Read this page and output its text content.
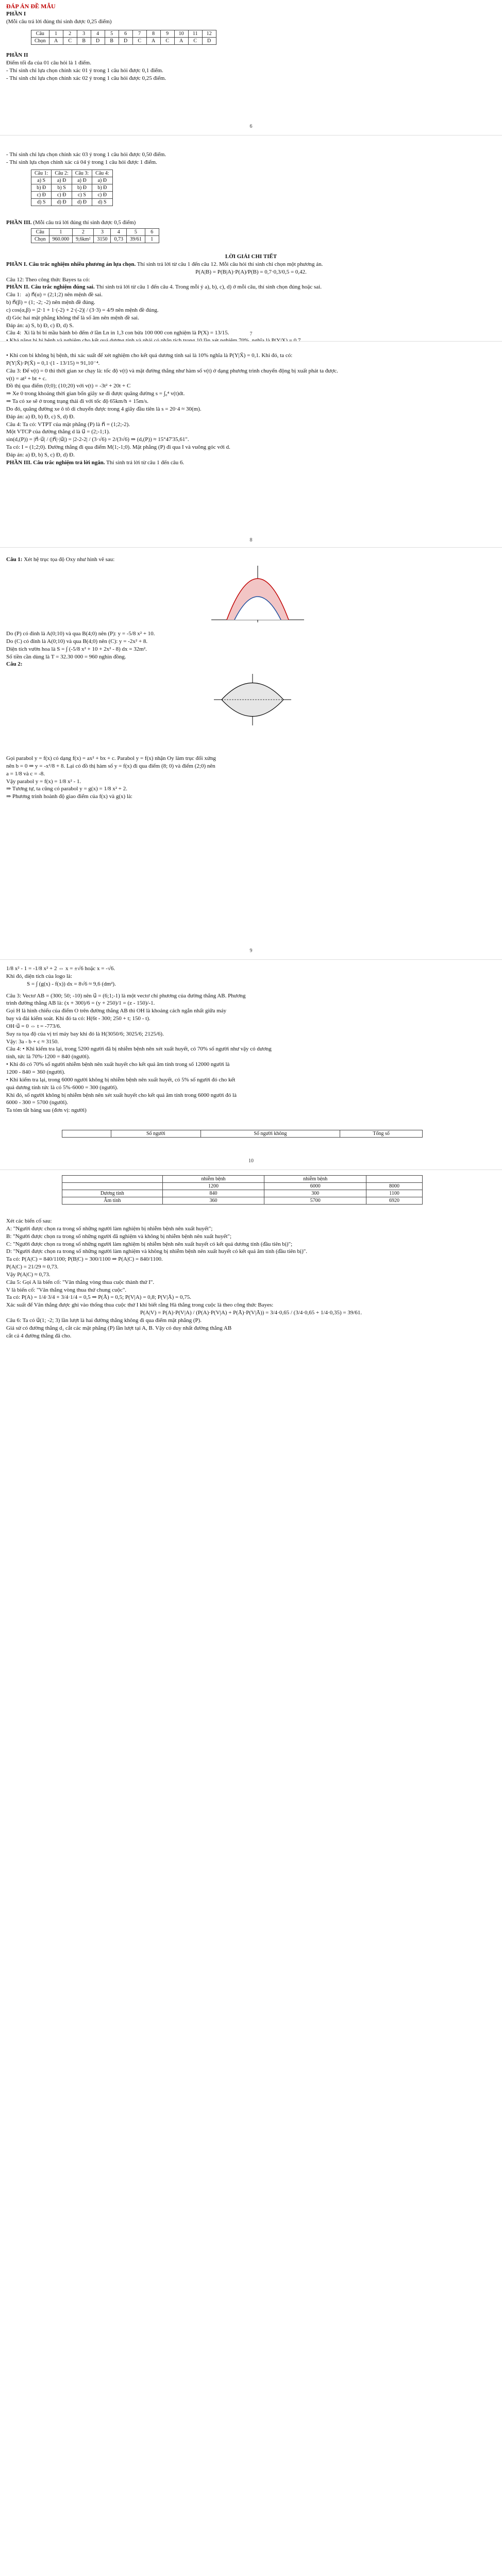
ĐÁP ÁN ĐỀ MẪU

PHẦN I

(Mỗi câu trả lời đúng thí sinh được 0,25 điểm)

Câu	1	2	3	4	5	6	7	8	9	10	11	12
Chọn	A	C	B	D	B	D	C	A	C	A	C	D

PHẦN II

Điểm tối đa của 01 câu hỏi là 1 điểm.

- Thí sinh chỉ lựa chọn chính xác 01 ý trong 1 câu hỏi được 0,1 điểm.

- Thí sinh chỉ lựa chọn chính xác 02 ý trong 1 câu hỏi được 0,25 điểm.

6

- Thí sinh chỉ lựa chọn chính xác 03 ý trong 1 câu hỏi được 0,50 điểm.

- Thí sinh lựa chọn chính xác cả 04 ý trong 1 câu hỏi được 1 điểm.

Câu 1:	Câu 2:	Câu 3:	Câu 4:
a) S	a) Đ	a) Đ	a) Đ
b) Đ	b) S	b) Đ	b) Đ
c) Đ	c) Đ	c) S	c) Đ
d) S	d) Đ	d) Đ	d) S

PHẦN III. (Mỗi câu trả lời đúng thí sinh được 0,5 điểm)

Câu	1	2	3	4	5	6
Chọn	960.000	9,6km²	3150	0,73	39/61	1

LỜI GIẢI CHI TIẾT

PHẦN I. Câu trắc nghiệm nhiều phương án lựa chọn. Thí sinh trả lời từ câu 1 đến câu 12. Mỗi câu hỏi thí sinh chỉ chọn một phương án.

P(A|B) = P(B|A)·P(A)/P(B) = 0,7·0,3/0,5 = 0,42.

Câu 12: Theo công thức Bayes ta có:

PHẦN II. Câu trắc nghiệm đúng sai. Thí sinh trả lời từ câu 1 đến câu 4. Trong mỗi ý a), b), c), d) ở mỗi câu, thí sinh chọn đúng hoặc sai.

Câu 1:   a) n⃗(α) = (2;1;2) nên mệnh đề sai.

b) n⃗(β) = (1; -2; -2) nên mệnh đề đúng.

c) cos(α,β) = |2·1 + 1·(-2) + 2·(-2)| / (3·3) = 4/9 nên mệnh đề đúng.

d) Góc hai mặt phẳng không thể là số âm nên mệnh đề sai.

Đáp án: a) S, b) Đ, c) Đ, d) S.

Câu 4:  Xi là bi bi mầu bánh bò đếm ở lần Ln in 1,3 con bửa 100 000 con nghiệm là P(X) = 13/15.	7

• Khi con bi không bị bệnh, thì xác suất để xét nghiệm cho kết quả dương tính sai là 10% nghĩa là P(Y|X̄) = 0,1. Khi đó, ta có:

P(Y|X̄)·P(X̄) = 0,1·(1 - 13/15) ≈ 91,10⁻⁴.

Câu 3: Để v(t) = 0 thì thời gian xe chạy là: tốc độ v(t) và mặt đường thẳng như hàm số v(t) ở dạng phương trình chuyển động bị xuất phát ta được.

v(t) = at² + bt + c.

Đồ thị qua điểm (0;0); (10;20) với v(t) = -3t² + 20t + C

⇒ Xe 0 trong khoảng thời gian bốn giây xe đi được quãng đường s = ∫₀⁴ v(t)dt.

⇒ Ta có xe sẽ ở trong trạng thái đi với tốc độ 65km/h + 15m/s.

Do đó, quãng đường xe ô tô di chuyển được trong 4 giây đầu tiên là s = 20·4 ≈ 30(m).

Đáp án: a) Đ, b) Đ, c) S, d) Đ.

Câu 4: Ta có: VTPT của mặt phẳng (P) là n⃗ = (1;2;-2).

Một VTCP của đường thẳng d là u⃗ = (2;-1;1).

sin(d,(P)) = |n⃗·u⃗| / (|n⃗|·|u⃗|) = |2-2-2| / (3·√6) = 2/(3√6) ⇒ (d,(P)) ≈ 15°47'35,61".

Ta có: I = (1;2;0). Đường thẳng đi qua điểm M(1;-1;0). Mặt phẳng (P) đi qua I và vuông góc với d.

Đáp án: a) Đ, b) S, c) Đ, d) Đ.

PHẦN III. Câu trắc nghiệm trả lời ngắn. Thí sinh trả lời từ câu 1 đến câu 6.

8

Câu 1: Xét hệ trục tọa độ Oxy như hình vẽ sau:

Do (P) có đỉnh là A(0;10) và qua B(4;0) nên (P): y = -5/8 x² + 10.

Do (C) có đỉnh là A(0;10) và qua B(4;0) nên (C): y = -2x² + 8.

Diện tích vườn hoa là S = ∫ (-5/8 x² + 10 + 2x² - 8) dx = 32m².

Số tiền cần dùng là T = 32.30 000 = 960 nghìn đồng.

Câu 2:

Gọi parabol y = f(x) có dạng f(x) = ax² + bx + c. Parabol y = f(x) nhận Oy làm trục đối xứng

nên b = 0 ⇒ y = -x²/8 + 8. Lại có đồ thị hàm số y = f(x) đi qua điểm (8; 0) và điểm (2;0) nên

a = 1/8 và c = -8.

Vậy parabol y = f(x) = 1/8 x² - 1.

⇒ Tương tự, ta cũng có parabol y = g(x) = 1/8 x² + 2.

⇒ Phương trình hoành độ giao điểm của f(x) và g(x) là:

9

1/8 x² - 1 = -1/8 x² + 2 ⇔ x = ±√6 hoặc x = -√6.

Khi đó, diện tích của logo là:

S = ∫ (g(x) - f(x)) dx = 8√6 ≈ 9,6 (dm²).

Câu 3: Vectơ AB = (300; 50; -10) nên u⃗ = (6;1;-1) là một vectơ chỉ phương của đường thẳng AB. Phương

trình đường thẳng AB là: (x + 300)/6 = (y + 250)/1 = (z - 150)/-1.

Gọi H là hình chiếu của điểm O trên đường thẳng AB thì OH là khoảng cách ngắn nhất giữa máy

bay và đài kiểm soát. Khi đó ta có: H(6t - 300; 250 + t; 150 - t).

OH·u⃗ = 0 ⇔ t = -773/6.

Suy ra tọa độ của vị trí máy bay khi đó là H(3050/6; 3025/6; 2125/6).

Vậy: 3a - b + c ≈ 3150.

Câu 4: • Khi kiểm tra lại, trong 5200 người đã bị nhiễm bệnh nên xét xuất huyết, có 70% số người như vậy có dương

tính, tức là 70%·1200 = 840 (người).

• Khi đó có 70% số người nhiễm bệnh nên xuất huyết cho kết quả âm tính trong số 12000 người là

1200 - 840 = 360 (người).

• Khi kiểm tra lại, trong 6000 người không bị nhiễm bệnh nên xuất huyết, có 5% số người đó cho kết

quả dương tính tức là có 5%·6000 = 300 (người).

Khi đó, số người không bị nhiễm bệnh nên xét xuất huyết cho kết quả âm tính trong 6000 người đó là

6000 - 300 = 5700 (người).

Ta tóm tắt bảng sau (đơn vị: người)

	Số người	Số người không	Tổng số
10
	nhiễm bệnh	nhiễm bệnh	
	1200	6000	8000
Dương tính	840	300	1100
Âm tính	360	5700	6920

Xét các biến cố sau:

A: "Người được chọn ra trong số những người làm nghiệm bị nhiễm bệnh nên xuất huyết";

B: "Người được chọn ra trong số những người đã nghiệm và không bị nhiễm bệnh nên xuất huyết";

C: "Người được chọn ra trong số những người làm nghiệm bị nhiễm bệnh nên xuất huyết có kết quả dương tính (đầu tiên bị)";

D: "Người được chọn ra trong số những người làm nghiệm và không bị nhiễm bệnh nên xuất huyết có kết quả âm tính (đầu tiên bị)".

Ta có: P(A|C) = 840/1100; P(B|C) = 300/1100 ⇒ P(A|C) = 840/1100.

P(A|C) = 21/29 ≈ 0,73.

Vậy P(A|C) ≈ 0,73.

Câu 5: Gọi A là biến cố: "Văn thắng vòng thua cuộc thành thứ I".

V là biến cố: "Văn thắng vòng thua thứ chung cuộc".

Ta có: P(A) = 1/4·3/4 + 3/4·1/4 = 0,5 ⇒ P(Ā) = 0,5; P(V|A) = 0,8; P(V|Ā) = 0,75.

Xác suất để Văn thắng được ghi vào thống thua cuộc thứ I khi biết rằng Hà thắng trong cuộc là theo công thức Bayes:

P(A|V) = P(A)·P(V|A) / (P(A)·P(V|A) + P(Ā)·P(V|Ā)) = 3/4·0,65 / (3/4·0,65 + 1/4·0,35) = 39/61.

Câu 6: Ta có u⃗(1; -2; 3) lần lượt là hai đường thẳng không đi qua điểm mặt phẳng (P).

Giả sử có đường thẳng d₁ cắt các mặt phẳng (P) lần lượt tại A, B. Vậy có duy nhất đường thẳng AB

cắt cả 4 đường thẳng đã cho.
